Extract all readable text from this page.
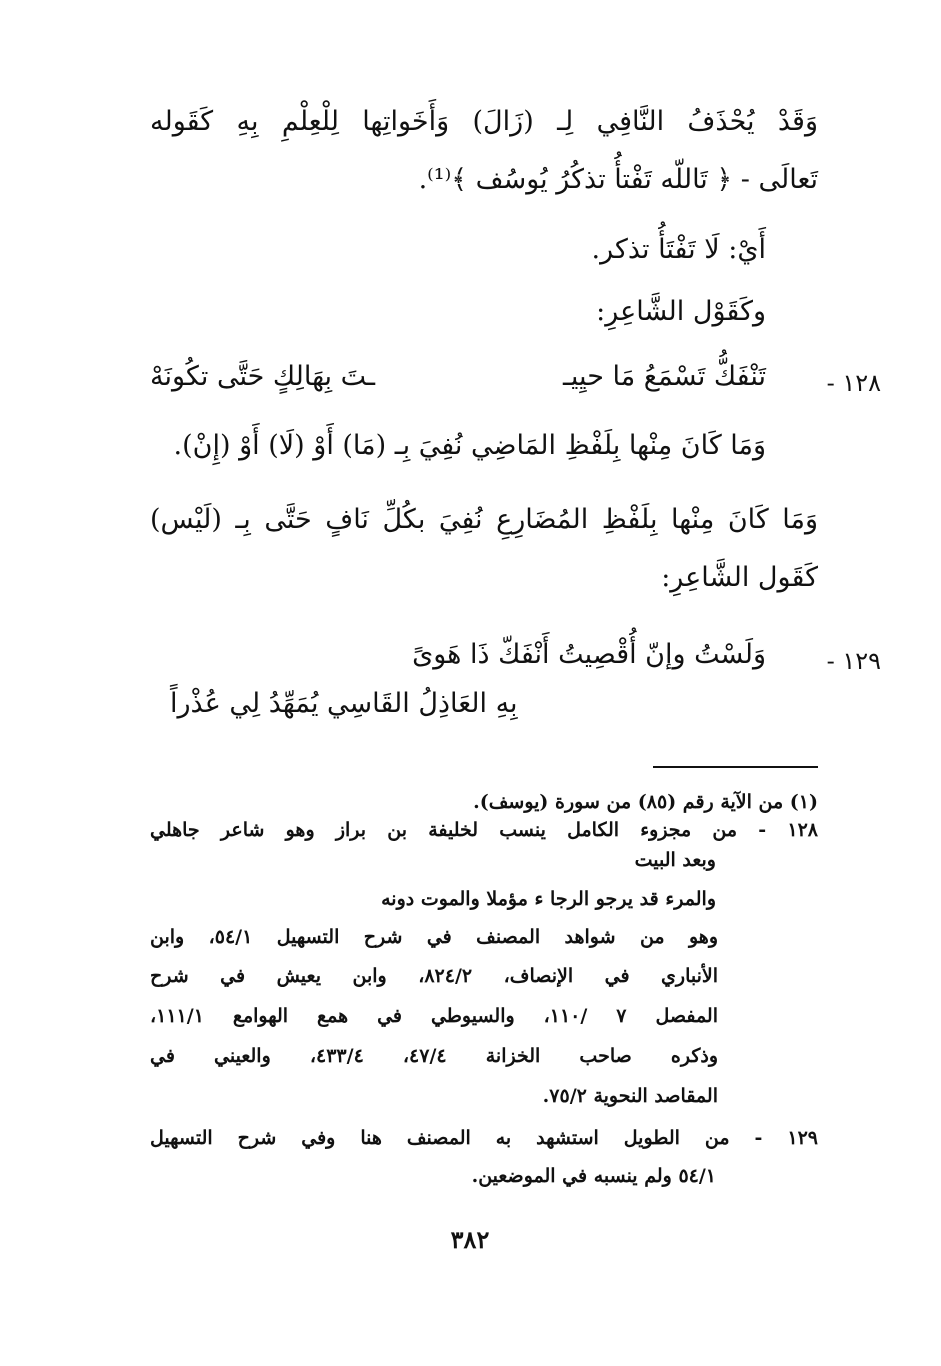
وَقَدْ يُحْذَفُ النَّافِي لِـ (زَالَ) وَأَخَواتِها لِلْعِلْمِ بِهِ كَقَوله
تَعالَى - ﴿ تَاللّه تَفْتأُ تذكُرُ يُوسُف ﴾⁽¹⁾.
أَيْ: لَا تَفْتَأُ تذكر.
وكَقَوْل الشَّاعِرِ:
١٢٨ -
تَنْفَكُّ تَسْمَعُ مَا حيِيـ
ـتَ بِهَالِكٍ حَتَّى تكُونَهْ
وَمَا كَانَ مِنْها بِلَفْظِ المَاضِي نُفِيَ بِـ (مَا) أَوْ (لَا) أَوْ (إِنْ).
وَمَا كَانَ مِنْها بِلَفْظِ المُضَارِعِ نُفِيَ بكُلِّ نَافٍ حَتَّى بِـ (لَيْس)
كَقَول الشَّاعِرِ:
١٢٩ -
وَلَسْتُ وإنّ أُقْصِيتُ أَنْفَكّ ذَا هَوىً
بِهِ العَاذِلُ القَاسِي يُمَهِّدُ لِي عُذْراً
(١) من الآية رقم (٨٥) من سورة (يوسف).
١٢٨ - من مجزوء الكامل ينسب لخليفة بن براز وهو شاعر جاهلي
وبعد البيت
والمرء قد يرجو الرجا ء مؤملا والموت دونه
وهو من شواهد المصنف في شرح التسهيل ٥٤/١، وابن
الأنباري في الإنصاف، ٨٢٤/٢، وابن يعيش في شرح
المفصل ٧ /١١٠، والسيوطي في همع الهوامع ١١١/١،
وذكره صاحب الخزانة ٤٧/٤، ٤٣٣/٤، والعيني في
المقاصد النحوية ٧٥/٢.
١٢٩ - من الطويل استشهد به المصنف هنا وفي شرح التسهيل
٥٤/١ ولم ينسبه في الموضعين.
٣٨٢
